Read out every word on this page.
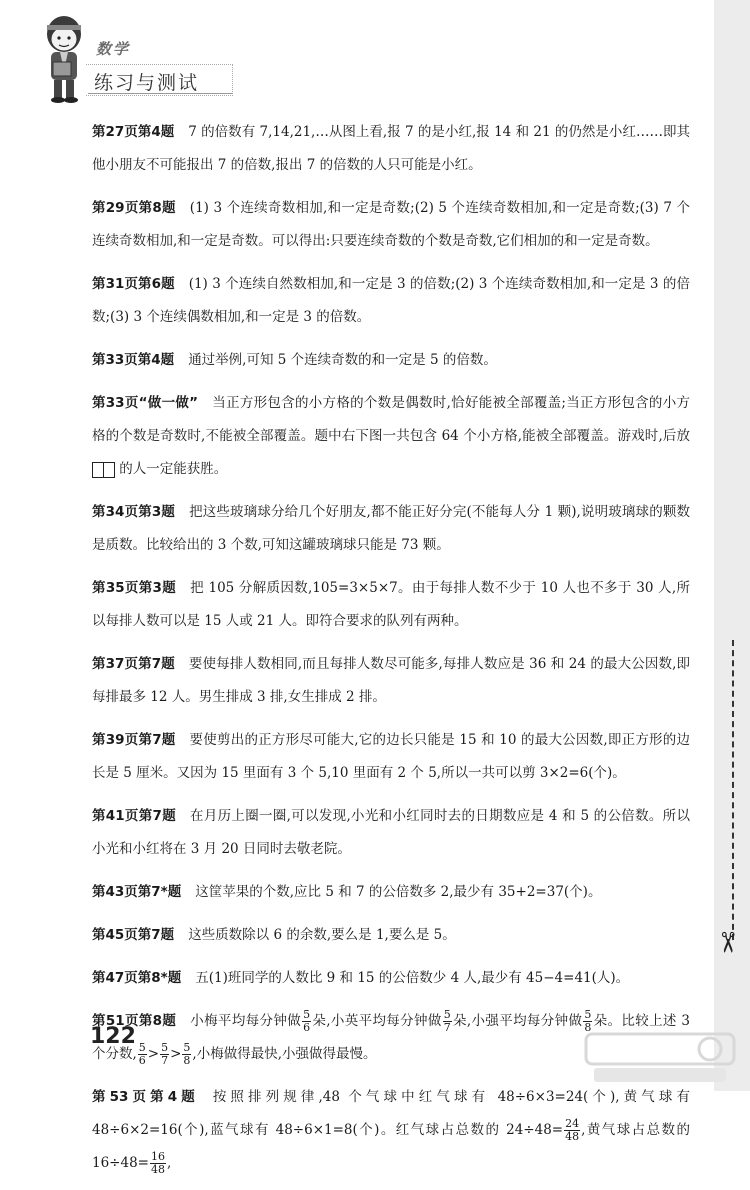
数学
练习与测试

第27页第4题 7 的倍数有 7,14,21,…从图上看,报 7 的是小红,报 14 和 21 的仍然是小红……即其他小朋友不可能报出 7 的倍数,报出 7 的倍数的人只可能是小红。

第29页第8题 (1) 3 个连续奇数相加,和一定是奇数;(2) 5 个连续奇数相加,和一定是奇数;(3) 7 个连续奇数相加,和一定是奇数。可以得出:只要连续奇数的个数是奇数,它们相加的和一定是奇数。

第31页第6题 (1) 3 个连续自然数相加,和一定是 3 的倍数;(2) 3 个连续奇数相加,和一定是 3 的倍数;(3) 3 个连续偶数相加,和一定是 3 的倍数。

第33页第4题 通过举例,可知 5 个连续奇数的和一定是 5 的倍数。

第33页“做一做” 当正方形包含的小方格的个数是偶数时,恰好能被全部覆盖;当正方形包含的小方格的个数是奇数时,不能被全部覆盖。题中右下图一共包含 64 个小方格,能被全部覆盖。游戏时,后放  的人一定能获胜。

第34页第3题 把这些玻璃球分给几个好朋友,都不能正好分完(不能每人分 1 颗),说明玻璃球的颗数是质数。比较给出的 3 个数,可知这罐玻璃球只能是 73 颗。

第35页第3题 把 105 分解质因数,105=3×5×7。由于每排人数不少于 10 人也不多于 30 人,所以每排人数可以是 15 人或 21 人。即符合要求的队列有两种。

第37页第7题 要使每排人数相同,而且每排人数尽可能多,每排人数应是 36 和 24 的最大公因数,即每排最多 12 人。男生排成 3 排,女生排成 2 排。

第39页第7题 要使剪出的正方形尽可能大,它的边长只能是 15 和 10 的最大公因数,即正方形的边长是 5 厘米。又因为 15 里面有 3 个 5,10 里面有 2 个 5,所以一共可以剪 3×2=6(个)。

第41页第7题 在月历上圈一圈,可以发现,小光和小红同时去的日期数应是 4 和 5 的公倍数。所以小光和小红将在 3 月 20 日同时去敬老院。

第43页第7*题 这筐苹果的个数,应比 5 和 7 的公倍数多 2,最少有 35+2=37(个)。

第45页第7题 这些质数除以 6 的余数,要么是 1,要么是 5。

第47页第8*题 五(1)班同学的人数比 9 和 15 的公倍数少 4 人,最少有 45−4=41(人)。

第51页第8题 小梅平均每分钟做 $\frac{5}{6}$ 朵,小英平均每分钟做 $\frac{5}{7}$ 朵,小强平均每分钟做 $\frac{5}{8}$ 朵。比较上述 3 个分数, $\frac{5}{6} > \frac{5}{7} > \frac{5}{8}$ ,小梅做得最快,小强做得最慢。

第53页第4题 按照排列规律,48 个气球中红气球有 48÷6×3=24(个),黄气球有 48÷6×2=16(个),蓝气球有 48÷6×1=8(个)。红气球占总数的 $24\div 48= \frac{24}{48}$ ,黄气球占总数的 $16\div 48= \frac{16}{48}$ ,

122
✂
